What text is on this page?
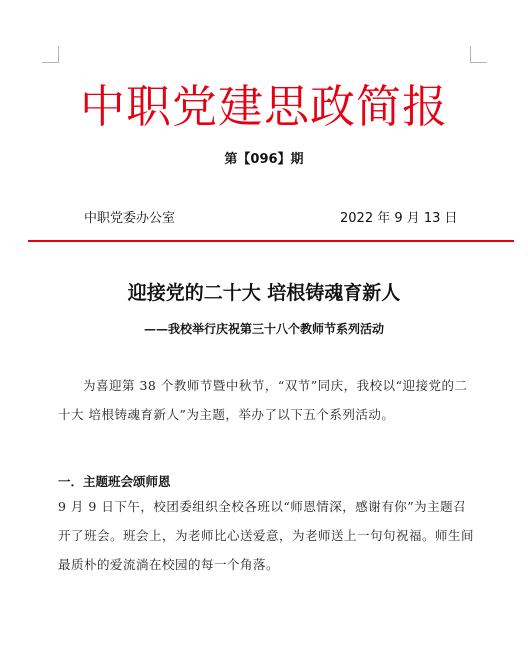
中职党建思政简报
第【096】期
中职党委办公室	2022 年 9 月 13 日
迎接党的二十大 培根铸魂育新人
——我校举行庆祝第三十八个教师节系列活动
为喜迎第 38 个教师节暨中秋节，“双节”同庆，我校以“迎接党的二十大 培根铸魂育新人”为主题，举办了以下五个系列活动。
一．主题班会颂师恩
9 月 9 日下午，校团委组织全校各班以“师恩情深，感谢有你”为主题召开了班会。班会上，为老师比心送爱意，为老师送上一句句祝福。师生间最质朴的爱流淌在校园的每一个角落。
